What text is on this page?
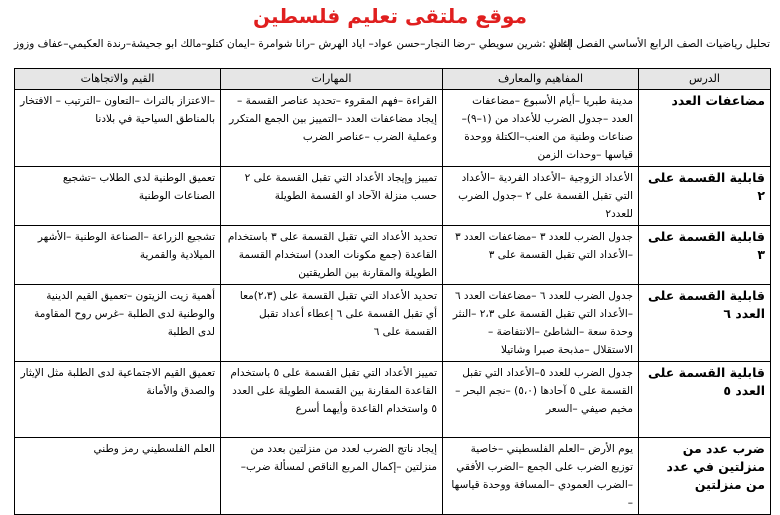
موقع ملتقى تعليم فلسطين
تحليل رياضيات الصف الرابع الأساسي الفصل الثاني
إعداد :شرين سويطي –رضا النجار–حسن عواد– اياد الهرش –رانا شوامرة –ايمان كتلو–مالك ابو جحيشة–رندة العكيمي–عفاف وزوز
الدرس	المفاهيم والمعارف	المهارات	القيم والاتجاهات
مضاعفات العدد	مدينة طبريا –أيام الأسبوع –مضاعفات العدد –جدول الضرب للأعداد من (١–٩)– صناعات وطنية من العنب–الكتلة ووحدة قياسها –وحدات الزمن	القراءة –فهم المقروء –تحديد عناصر القسمة – إيجاد مضاعفات العدد –التمييز بين الجمع المتكرر وعملية الضرب –عناصر الضرب	–الاعتزاز بالتراث –التعاون –الترتيب – الافتخار بالمناطق السياحية في بلادنا
قابلية القسمة على ٢	الأعداد الزوجية –الأعداد الفردية –الأعداد التي تقبل القسمة على ٢ –جدول الضرب للعدد٢	تمييز وإيجاد الأعداد التي تقبل القسمة على ٢ حسب منزلة الآحاد او القسمة الطويلة	تعميق الوطنية لدى الطلاب –تشجيع الصناعات الوطنية
قابلية القسمة على ٣	جدول الضرب للعدد ٣ –مضاعفات العدد ٣ –الأعداد التي تقبل القسمة على ٣	تحديد الأعداد التي تقبل القسمة على ٣ باستخدام القاعدة (جمع مكونات العدد) استخدام القسمة الطويلة والمقارنة بين الطريقتين	تشجيع الزراعة –الصناعة الوطنية –الأشهر الميلادية والقمرية
قابلية القسمة على العدد ٦	جدول الضرب للعدد ٦ –مضاعفات العدد ٦ –الأعداد التي تقبل القسمة على ٢،٣ –النثر وحدة سعة –الشاطئ –الانتفاضة – الاستقلال –مذبحة صبرا وشاتيلا	تحديد الأعداد التي تقبل القسمة على (٢،٣)معا أي تقبل القسمة على ٦ إعطاء أعداد تقبل القسمة على ٦	أهمية زيت الزيتون –تعميق القيم الدينية والوطنية لدى الطلبة –غرس روح المقاومة لدى الطلبة
قابلية القسمة على العدد ٥	جدول الضرب للعدد ٥–الأعداد التي تقبل القسمة على ٥ آحادها (٥،٠) –نجم البحر –مخيم صيفي –السعر	تمييز الأعداد التي تقبل القسمة على ٥ باستخدام القاعدة المقارنة بين القسمة الطويلة على العدد ٥ واستخدام القاعدة وأيهما أسرع	تعميق القيم الاجتماعية لدى الطلبة مثل الإيثار والصدق والأمانة
ضرب عدد من منزلتين في عدد من منزلتين	يوم الأرض –العلم الفلسطيني –خاصية توزيع الضرب على الجمع –الضرب الأفقي –الضرب العمودي –المسافة ووحدة قياسها –	إيجاد ناتج الضرب لعدد من منزلتين بعدد من منزلتين –إكمال المربع الناقص لمسألة ضرب–	العلم الفلسطيني رمز وطني
